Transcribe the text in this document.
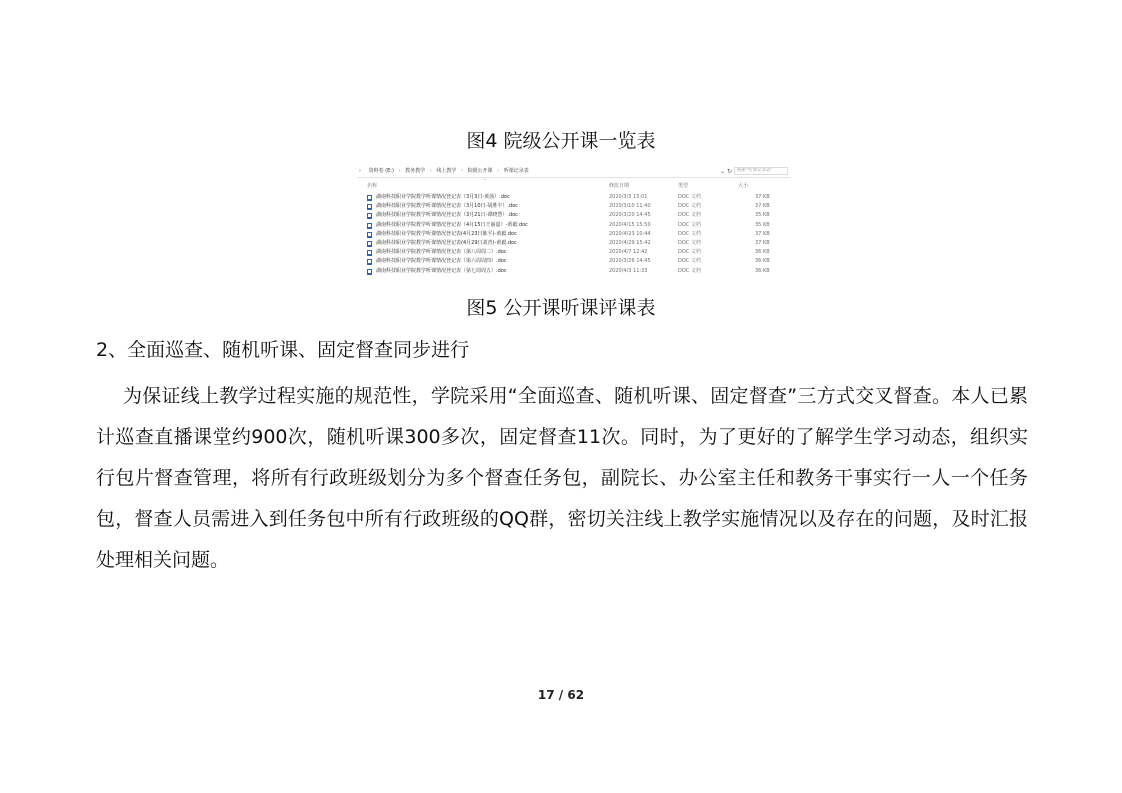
图4 院级公开课一览表
› 资料卷 (E:) › 教务教学 › 线上教学 › 院级公开课 › 听课记录表	⌄ ↻	搜索"听课记录表"
^
名称	修改日期	类型	大小
湖南科技职业学院教学听课情况登记表（3月3日-黄茜）.doc	2020/3/3 15:01	DOC 文档	37 KB
湖南科技职业学院教学听课情况登记表（3月10日-胡胜丰）.doc	2020/3/10 11:40	DOC 文档	37 KB
湖南科技职业学院教学听课情况登记表（3月21日-谭晓慧）.doc	2020/3/20 14:45	DOC 文档	35 KB
湖南科技职业学院教学听课情况登记表（4月15日王丽嘉）-黄毅.doc	2020/4/15 15:50	DOC 文档	35 KB
湖南科技职业学院教学听课情况登记表(4月23日陈平)-黄毅.doc	2020/4/23 10:44	DOC 文档	37 KB
湖南科技职业学院教学听课情况登记表(4月29日刘青)-黄毅.doc	2020/4/29 15:42	DOC 文档	37 KB
湖南科技职业学院教学听课情况登记表（第八周周二）.doc	2020/4/7 12:42	DOC 文档	36 KB
湖南科技职业学院教学听课情况登记表（第六周周四）.doc	2020/3/26 14:45	DOC 文档	36 KB
湖南科技职业学院教学听课情况登记表（第七周周五）.doc	2020/4/3 11:33	DOC 文档	36 KB
图5 公开课听课评课表
2、全面巡查、随机听课、固定督查同步进行
为保证线上教学过程实施的规范性，学院采用“全面巡查、随机听课、固定督查”三方式交叉督查。本人已累计巡查直播课堂约900次，随机听课300多次，固定督查11次。同时，为了更好的了解学生学习动态，组织实行包片督查管理，将所有行政班级划分为多个督查任务包，副院长、办公室主任和教务干事实行一人一个任务包，督查人员需进入到任务包中所有行政班级的QQ群，密切关注线上教学实施情况以及存在的问题，及时汇报处理相关问题。
17 / 62
